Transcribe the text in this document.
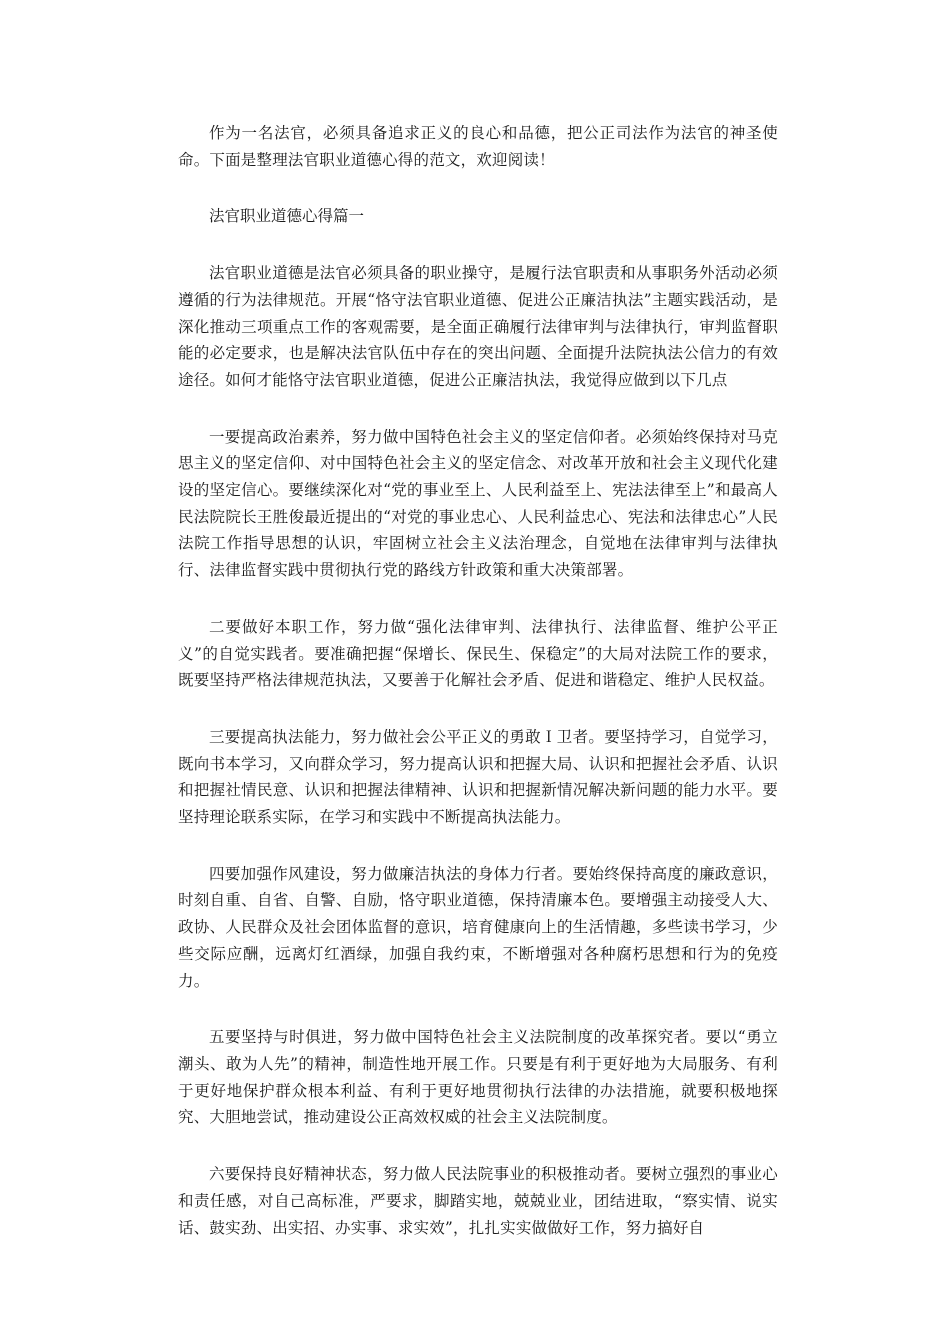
作为一名法官，必须具备追求正义的良心和品德，把公正司法作为法官的神圣使命。下面是整理法官职业道德心得的范文，欢迎阅读！

法官职业道德心得篇一

法官职业道德是法官必须具备的职业操守，是履行法官职责和从事职务外活动必须遵循的行为法律规范。开展“恪守法官职业道德、促进公正廉洁执法”主题实践活动，是深化推动三项重点工作的客观需要，是全面正确履行法律审判与法律执行，审判监督职能的必定要求，也是解决法官队伍中存在的突出问题、全面提升法院执法公信力的有效途径。如何才能恪守法官职业道德，促进公正廉洁执法，我觉得应做到以下几点

一要提高政治素养，努力做中国特色社会主义的坚定信仰者。必须始终保持对马克思主义的坚定信仰、对中国特色社会主义的坚定信念、对改革开放和社会主义现代化建设的坚定信心。要继续深化对“党的事业至上、人民利益至上、宪法法律至上”和最高人民法院院长王胜俊最近提出的“对党的事业忠心、人民利益忠心、宪法和法律忠心”人民法院工作指导思想的认识，牢固树立社会主义法治理念，自觉地在法律审判与法律执行、法律监督实践中贯彻执行党的路线方针政策和重大决策部署。

二要做好本职工作，努力做“强化法律审判、法律执行、法律监督、维护公平正义”的自觉实践者。要准确把握“保增长、保民生、保稳定”的大局对法院工作的要求，既要坚持严格法律规范执法，又要善于化解社会矛盾、促进和谐稳定、维护人民权益。

三要提高执法能力，努力做社会公平正义的勇敢Ｉ卫者。要坚持学习，自觉学习，既向书本学习，又向群众学习，努力提高认识和把握大局、认识和把握社会矛盾、认识和把握社情民意、认识和把握法律精神、认识和把握新情况解决新问题的能力水平。要坚持理论联系实际，在学习和实践中不断提高执法能力。

四要加强作风建设，努力做廉洁执法的身体力行者。要始终保持高度的廉政意识，时刻自重、自省、自警、自励，恪守职业道德，保持清廉本色。要增强主动接受人大、政协、人民群众及社会团体监督的意识，培育健康向上的生活情趣，多些读书学习，少些交际应酬，远离灯红酒绿，加强自我约束，不断增强对各种腐朽思想和行为的免疫力。

五要坚持与时俱进，努力做中国特色社会主义法院制度的改革探究者。要以“勇立潮头、敢为人先”的精神，制造性地开展工作。只要是有利于更好地为大局服务、有利于更好地保护群众根本利益、有利于更好地贯彻执行法律的办法措施，就要积极地探究、大胆地尝试，推动建设公正高效权威的社会主义法院制度。

六要保持良好精神状态，努力做人民法院事业的积极推动者。要树立强烈的事业心和责任感，对自己高标准，严要求，脚踏实地，兢兢业业，团结进取，“察实情、说实话、鼓实劲、出实招、办实事、求实效”，扎扎实实做做好工作，努力搞好自
